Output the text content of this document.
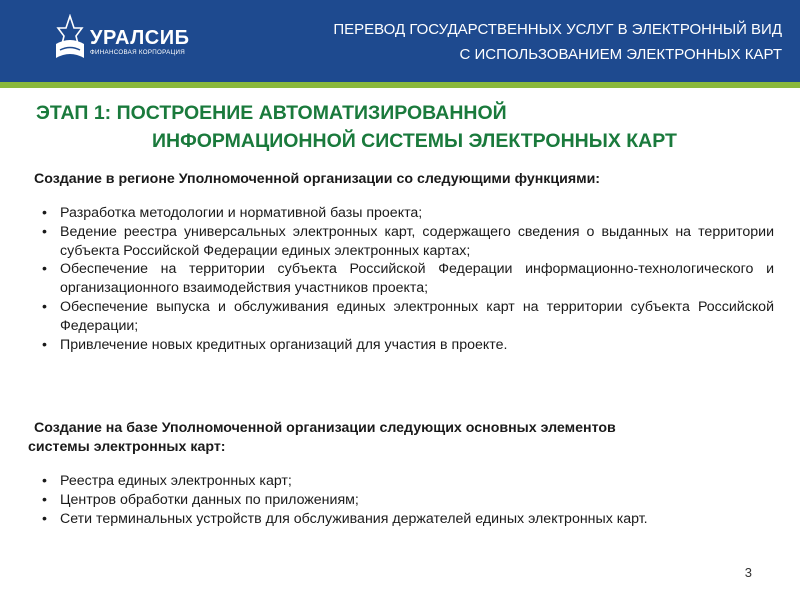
УРАЛСИБ
ФИНАНСОВАЯ КОРПОРАЦИЯ
ПЕРЕВОД ГОСУДАРСТВЕННЫХ УСЛУГ В ЭЛЕКТРОННЫЙ ВИД
С ИСПОЛЬЗОВАНИЕМ ЭЛЕКТРОННЫХ КАРТ
ЭТАП 1: ПОСТРОЕНИЕ АВТОМАТИЗИРОВАННОЙ
ИНФОРМАЦИОННОЙ СИСТЕМЫ ЭЛЕКТРОННЫХ КАРТ
Создание в регионе Уполномоченной организации со следующими функциями:
• Разработка методологии и нормативной базы проекта;
• Ведение реестра универсальных электронных карт, содержащего сведения о выданных на территории субъекта Российской Федерации единых электронных картах;
• Обеспечение на территории субъекта Российской Федерации информационно-технологического и организационного взаимодействия участников проекта;
• Обеспечение выпуска и обслуживания единых электронных карт на территории субъекта Российской Федерации;
• Привлечение новых кредитных организаций для участия в проекте.
Создание на базе Уполномоченной организации следующих основных элементов
системы электронных карт:
• Реестра единых электронных карт;
• Центров обработки данных по приложениям;
• Сети терминальных устройств для обслуживания держателей единых электронных карт.
3
